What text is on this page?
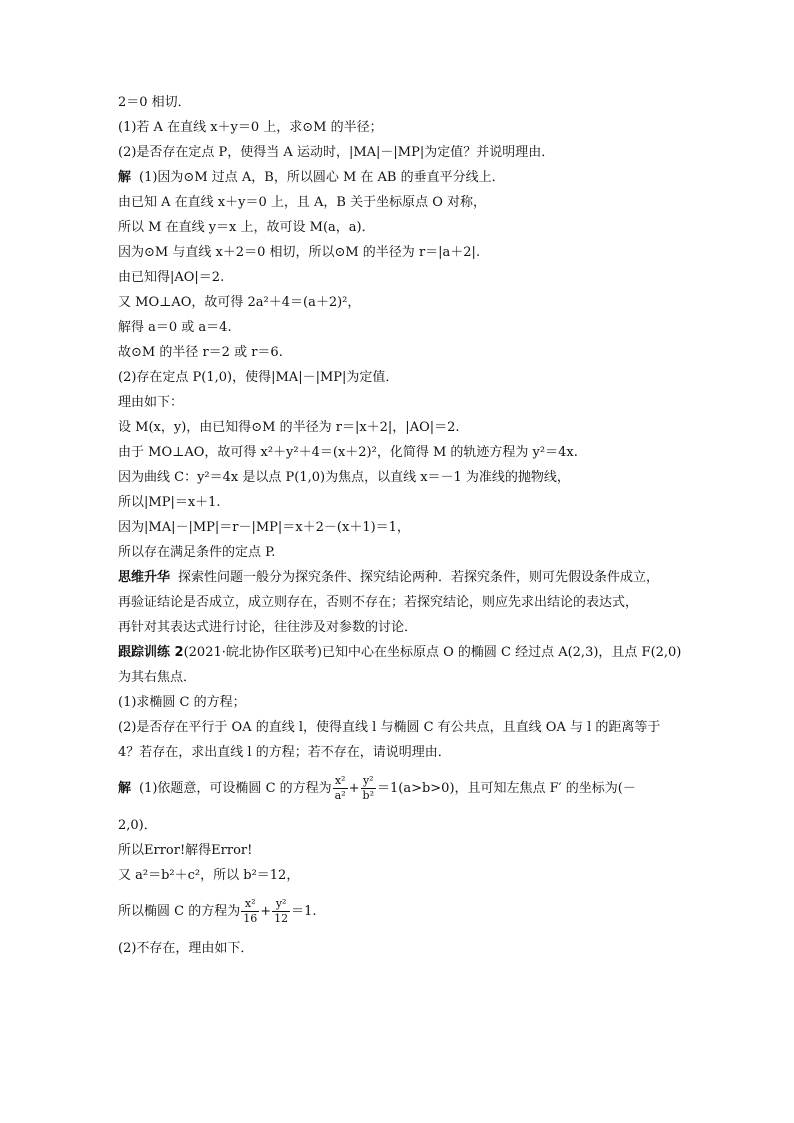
2＝0 相切．
(1)若 A 在直线 x＋y＝0 上，求⊙M 的半径；
(2)是否存在定点 P，使得当 A 运动时，|MA|－|MP|为定值？并说明理由．
解 (1)因为⊙M 过点 A，B，所以圆心 M 在 AB 的垂直平分线上．
由已知 A 在直线 x＋y＝0 上，且 A，B 关于坐标原点 O 对称，
所以 M 在直线 y＝x 上，故可设 M(a，a)．
因为⊙M 与直线 x＋2＝0 相切，所以⊙M 的半径为 r＝|a＋2|.
由已知得|AO|＝2.
又 MO⊥AO，故可得 2a²＋4＝(a＋2)²，
解得 a＝0 或 a＝4.
故⊙M 的半径 r＝2 或 r＝6.
(2)存在定点 P(1,0)，使得|MA|－|MP|为定值．
理由如下：
设 M(x，y)，由已知得⊙M 的半径为 r＝|x＋2|，|AO|＝2.
由于 MO⊥AO，故可得 x²＋y²＋4＝(x＋2)²，化简得 M 的轨迹方程为 y²＝4x.
因为曲线 C：y²＝4x 是以点 P(1,0)为焦点，以直线 x＝－1 为准线的抛物线，
所以|MP|＝x＋1.
因为|MA|－|MP|＝r－|MP|＝x＋2－(x＋1)＝1，
所以存在满足条件的定点 P.
思维升华 探索性问题一般分为探究条件、探究结论两种．若探究条件，则可先假设条件成立，
再验证结论是否成立，成立则存在，否则不存在；若探究结论，则应先求出结论的表达式，
再针对其表达式进行讨论，往往涉及对参数的讨论．
跟踪训练 2(2021·皖北协作区联考)已知中心在坐标原点 O 的椭圆 C 经过点 A(2,3)，且点 F(2,0)
为其右焦点．
(1)求椭圆 C 的方程；
(2)是否存在平行于 OA 的直线 l，使得直线 l 与椭圆 C 有公共点，且直线 OA 与 l 的距离等于
4？若存在，求出直线 l 的方程；若不存在，请说明理由．
解 (1)依题意，可设椭圆 C 的方程为 $\frac{\text{x²}}{\text{a²}} + \frac{\text{y²}}{\text{b²}} =1(a>b>0)$，且可知左焦点 F′ 的坐标为(－
2,0)．
所以Error!解得Error!
又 a²＝b²＋c²，所以 b²＝12，
所以椭圆 C 的方程为 $\frac{\text{x²}}{16} + \frac{\text{y²}}{12} =1$.
(2)不存在，理由如下．
